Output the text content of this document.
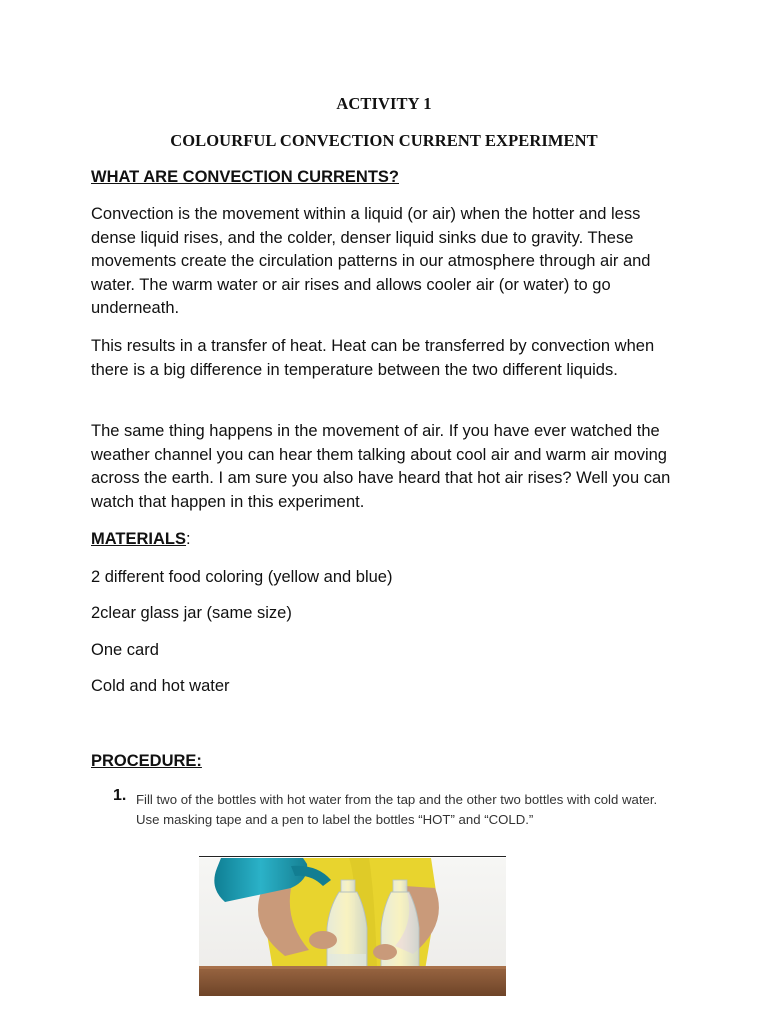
ACTIVITY 1
COLOURFUL CONVECTION CURRENT EXPERIMENT
WHAT ARE CONVECTION CURRENTS?

Convection is the movement within a liquid (or air) when the hotter and less dense liquid rises, and the colder, denser liquid sinks due to gravity. These movements create the circulation patterns in our atmosphere through air and water. The warm water or air rises and allows cooler air (or water) to go underneath.

This results in a transfer of heat. Heat can be transferred by convection when there is a big difference in temperature between the two different liquids.

The same thing happens in the movement of air. If you have ever watched the weather channel you can hear them talking about cool air and warm air moving across the earth. I am sure you also have heard that hot air rises? Well you can watch that happen in this experiment.

MATERIALS:
2 different food coloring (yellow and blue)
2clear glass jar (same size)
One card
Cold and hot water
PROCEDURE:
1. Fill two of the bottles with hot water from the tap and the other two bottles with cold water. Use masking tape and a pen to label the bottles “HOT” and “COLD.”
